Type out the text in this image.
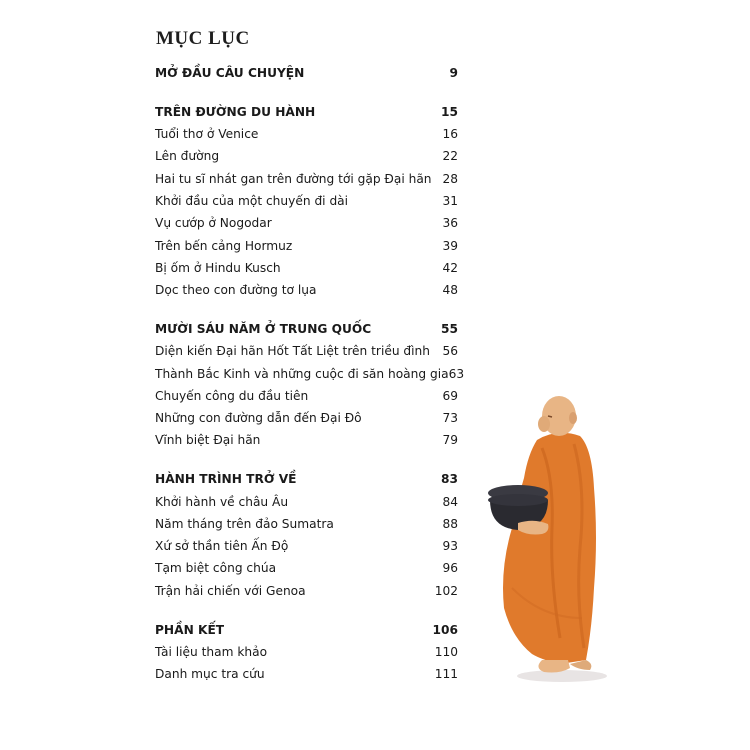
MỤC LỤC
MỞ ĐẦU CÂU CHUYỆN	9
TRÊN ĐƯỜNG DU HÀNH	15
Tuổi thơ ở Venice	16
Lên đường	22
Hai tu sĩ nhát gan trên đường tới gặp Đại hãn 28
Khởi đầu của một chuyến đi dài	31
Vụ cướp ở Nogodar	36
Trên bến cảng Hormuz	39
Bị ốm ở Hindu Kusch	42
Dọc theo con đường tơ lụa	48
MƯỜI SÁU NĂM Ở TRUNG QUỐC	55
Diện kiến Đại hãn Hốt Tất Liệt trên triều đình 56
Thành Bắc Kinh và những cuộc đi săn hoàng gia 63
Chuyến công du đầu tiên	69
Những con đường dẫn đến Đại Đô	73
Vĩnh biệt Đại hãn	79
HÀNH TRÌNH TRỞ VỀ	83
Khởi hành về châu Âu	84
Năm tháng trên đảo Sumatra	88
Xứ sở thần tiên Ấn Độ	93
Tạm biệt công chúa	96
Trận hải chiến với Genoa	102
PHẦN KẾT	106
Tài liệu tham khảo	110
Danh mục tra cứu	111
